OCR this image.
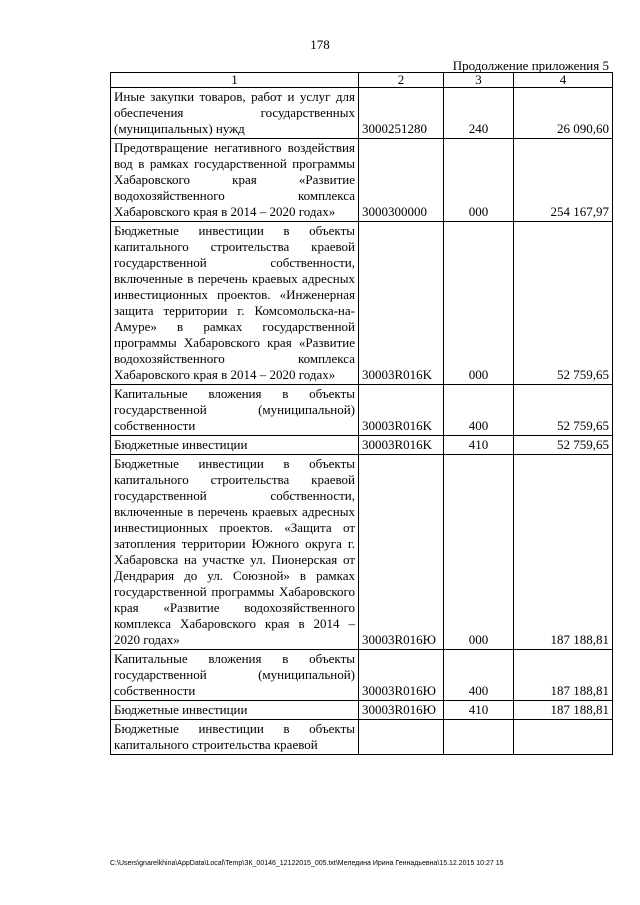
178
Продолжение приложения 5
1	2	3	4
Иные закупки товаров, работ и услуг для обеспечения государственных (муниципальных) нужд	3000251280	240	26 090,60
Предотвращение негативного воздействия вод в рамках государственной программы Хабаровского края «Развитие водохозяйственного комплекса Хабаровского края в 2014 – 2020 годах»	3000300000	000	254 167,97
Бюджетные инвестиции в объекты капитального строительства краевой государственной собственности, включенные в перечень краевых адресных инвестиционных проектов. «Инженерная защита территории г. Комсомольска-на-Амуре» в рамках государственной программы Хабаровского края «Развитие водохозяйственного комплекса Хабаровского края в 2014 – 2020 годах»	30003R016K	000	52 759,65
Капитальные вложения в объекты государственной (муниципальной) собственности	30003R016K	400	52 759,65
Бюджетные инвестиции	30003R016K	410	52 759,65
Бюджетные инвестиции в объекты капитального строительства краевой государственной собственности, включенные в перечень краевых адресных инвестиционных проектов. «Защита от затопления территории Южного округа г. Хабаровска на участке ул. Пионерская от Дендрария до ул. Союзной» в рамках государственной программы Хабаровского края «Развитие водохозяйственного комплекса Хабаровского края в 2014 – 2020 годах»	30003R016Ю	000	187 188,81
Капитальные вложения в объекты государственной (муниципальной) собственности	30003R016Ю	400	187 188,81
Бюджетные инвестиции	30003R016Ю	410	187 188,81
Бюджетные инвестиции в объекты капитального строительства краевой			
C:\Users\gnarelkhina\AppData\Local\Temp\ЗК_00146_12122015_005.txt\Меледина Ирина Геннадьевна\15.12.2015 10:27 15
